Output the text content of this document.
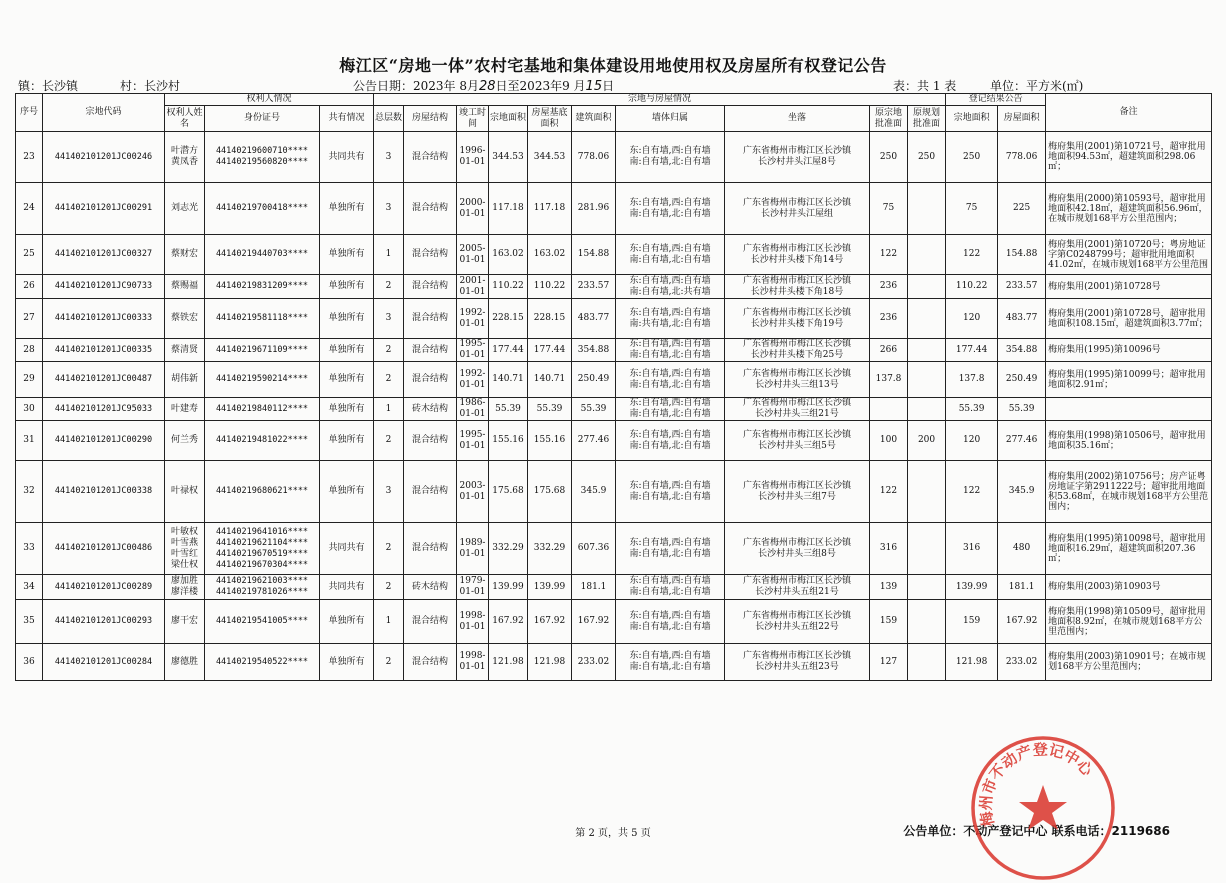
梅江区“房地一体”农村宅基地和集体建设用地使用权及房屋所有权登记公告
镇：长沙镇	村：长沙村	公告日期：2023年 8月28日至2023年9 月15日	表：共 1 表	单位：平方米(㎡)
序号	宗地代码	权利人情况			宗地与房屋情况										登记结果公告		备注
		权利人姓名	身份证号	共有情况	总层数	房屋结构	竣工时间	宗地面积	房屋基底面积	建筑面积	墙体归属	坐落	原宗地批准面	原规划批准面	宗地面积	房屋面积	
23	441402101201JC00246	叶潜方
黄凤香	44140219600710****
44140219560820****	共同共有	3	混合结构	1996-
01-01	344.53	344.53	778.06	东:自有墙,西:自有墙
南:自有墙,北:自有墙	广东省梅州市梅江区长沙镇
长沙村井头江屋8号	250	250	250	778.06	梅府集用(2001)第10721号，超审批用地面积94.53㎡，超建筑面积298.06㎡；
24	441402101201JC00291	刘志光	44140219700418****	单独所有	3	混合结构	2000-
01-01	117.18	117.18	281.96	东:自有墙,西:自有墙
南:自有墙,北:自有墙	广东省梅州市梅江区长沙镇
长沙村井头江屋组	75		75	225	梅府集用(2000)第10593号，超审批用地面积42.18㎡，超建筑面积56.96㎡，在城市规划168平方公里范围内；
25	441402101201JC00327	蔡财宏	44140219440703****	单独所有	1	混合结构	2005-
01-01	163.02	163.02	154.88	东:自有墙,西:自有墙
南:自有墙,北:自有墙	广东省梅州市梅江区长沙镇
长沙村井头楼下角14号	122		122	154.88	梅府集用(2001)第10720号；粤房地证字第C0248799号；超审批用地面积41.02㎡，在城市规划168平方公里范围
26	441402101201JC90733	蔡赐福	44140219831209****	单独所有	2	混合结构	2001-
01-01	110.22	110.22	233.57	东:自有墙,西:自有墙
南:自有墙,北:共有墙	广东省梅州市梅江区长沙镇
长沙村井头楼下角18号	236		110.22	233.57	梅府集用(2001)第10728号
27	441402101201JC00333	蔡铁宏	44140219581118****	单独所有	3	混合结构	1992-
01-01	228.15	228.15	483.77	东:自有墙,西:自有墙
南:共有墙,北:自有墙	广东省梅州市梅江区长沙镇
长沙村井头楼下角19号	236		120	483.77	梅府集用(2001)第10728号，超审批用地面积108.15㎡，超建筑面积3.77㎡；
28	441402101201JC00335	蔡清贤	44140219671109****	单独所有	2	混合结构	1995-
01-01	177.44	177.44	354.88	东:自有墙,西:自有墙
南:自有墙,北:自有墙	广东省梅州市梅江区长沙镇
长沙村井头楼下角25号	266		177.44	354.88	梅府集用(1995)第10096号
29	441402101201JC00487	胡伟新	44140219590214****	单独所有	2	混合结构	1992-
01-01	140.71	140.71	250.49	东:自有墙,西:自有墙
南:自有墙,北:自有墙	广东省梅州市梅江区长沙镇
长沙村井头三组13号	137.8		137.8	250.49	梅府集用(1995)第10099号；超审批用地面积2.91㎡；
30	441402101201JC95033	叶建寿	44140219840112****	单独所有	1	砖木结构	1986-
01-01	55.39	55.39	55.39	东:自有墙,西:自有墙
南:自有墙,北:自有墙	广东省梅州市梅江区长沙镇
长沙村井头三组21号			55.39	55.39	
31	441402101201JC00290	何兰秀	44140219481022****	单独所有	2	混合结构	1995-
01-01	155.16	155.16	277.46	东:自有墙,西:自有墙
南:自有墙,北:自有墙	广东省梅州市梅江区长沙镇
长沙村井头三组5号	100	200	120	277.46	梅府集用(1998)第10506号，超审批用地面积35.16㎡；
32	441402101201JC00338	叶禄权	44140219680621****	单独所有	3	混合结构	2003-
01-01	175.68	175.68	345.9	东:自有墙,西:自有墙
南:自有墙,北:自有墙	广东省梅州市梅江区长沙镇
长沙村井头三组7号	122		122	345.9	梅府集用(2002)第10756号；房产证粤房地证字第2911222号；超审批用地面积53.68㎡，在城市规划168平方公里范围内；
33	441402101201JC00486	叶敏权
叶雪燕
叶雪红
梁仕权	44140219641016****
44140219621104****
44140219670519****
44140219670304****	共同共有	2	混合结构	1989-
01-01	332.29	332.29	607.36	东:自有墙,西:自有墙
南:自有墙,北:自有墙	广东省梅州市梅江区长沙镇
长沙村井头三组8号	316		316	480	梅府集用(1995)第10098号，超审批用地面积16.29㎡，超建筑面积207.36㎡；
34	441402101201JC00289	廖加胜
廖洋楼	44140219621003****
44140219781026****	共同共有	2	砖木结构	1979-
01-01	139.99	139.99	181.1	东:自有墙,西:自有墙
南:自有墙,北:自有墙	广东省梅州市梅江区长沙镇
长沙村井头五组21号	139		139.99	181.1	梅府集用(2003)第10903号
35	441402101201JC00293	廖干宏	44140219541005****	单独所有	1	混合结构	1998-
01-01	167.92	167.92	167.92	东:自有墙,西:自有墙
南:自有墙,北:自有墙	广东省梅州市梅江区长沙镇
长沙村井头五组22号	159		159	167.92	梅府集用(1998)第10509号，超审批用地面积8.92㎡，在城市规划168平方公里范围内；
36	441402101201JC00284	廖德胜	44140219540522****	单独所有	2	混合结构	1998-
01-01	121.98	121.98	233.02	东:自有墙,西:自有墙
南:自有墙,北:自有墙	广东省梅州市梅江区长沙镇
长沙村井头五组23号	127		121.98	233.02	梅府集用(2003)第10901号；在城市规划168平方公里范围内；
第 2 页，共 5 页	公告单位：不动产登记中心 联系电话：2119686
梅州市不动产登记中心
